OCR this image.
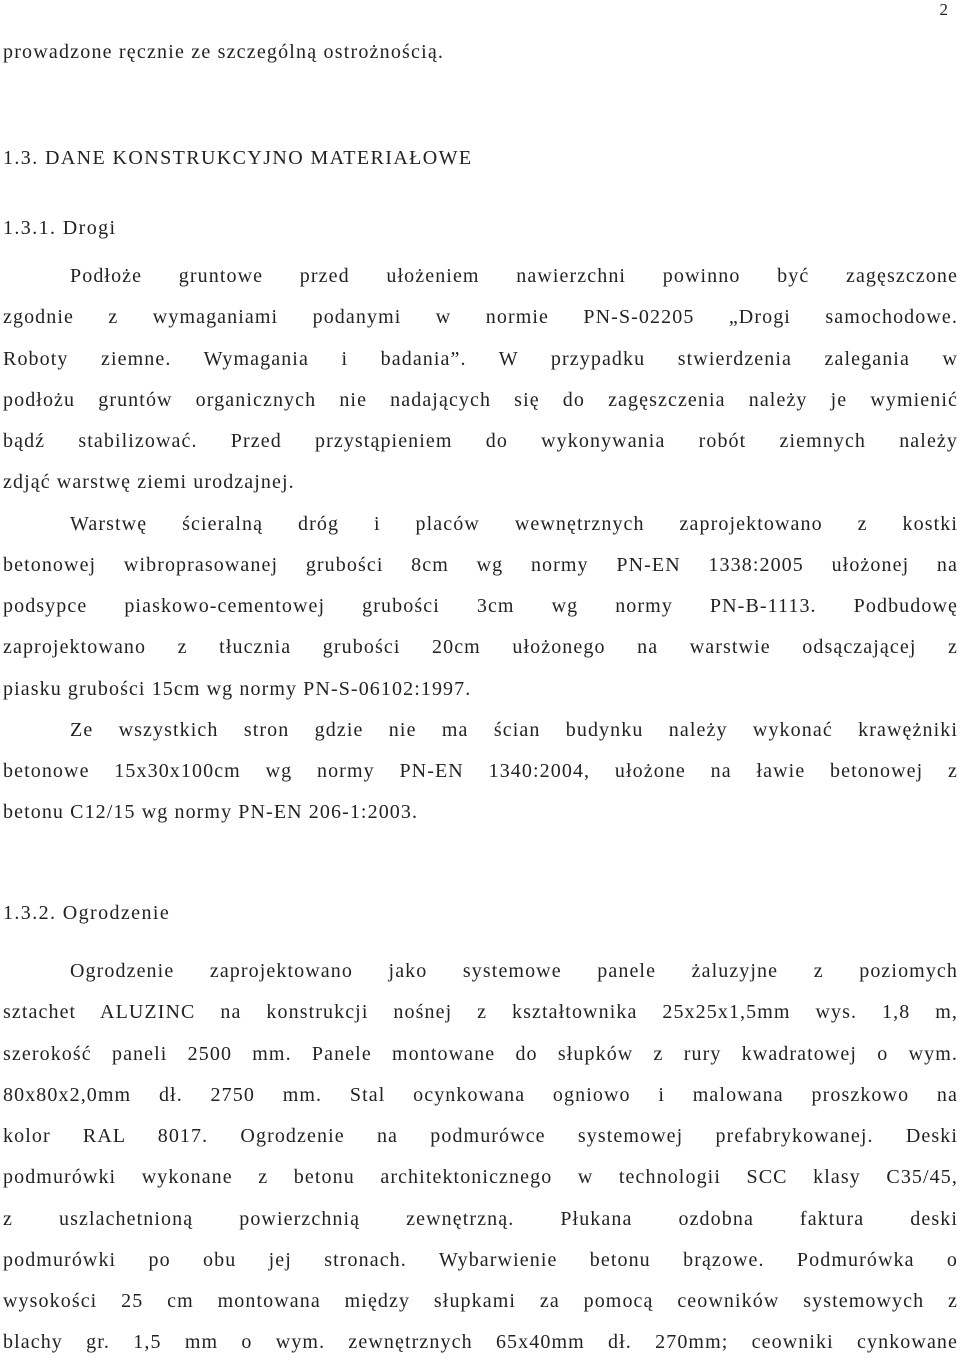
2
prowadzone ręcznie ze szczególną ostrożnością.
1.3. DANE KONSTRUKCYJNO MATERIAŁOWE
1.3.1. Drogi
Podłoże gruntowe przed ułożeniem nawierzchni powinno być zagęszczone
zgodnie z wymaganiami podanymi w normie PN-S-02205 „Drogi samochodowe.
Roboty ziemne. Wymagania i badania”. W przypadku stwierdzenia zalegania w
podłożu gruntów organicznych nie nadających się do zagęszczenia należy je wymienić
bądź stabilizować. Przed przystąpieniem do wykonywania robót ziemnych należy
zdjąć warstwę ziemi urodzajnej.
Warstwę ścieralną dróg i placów wewnętrznych zaprojektowano z kostki
betonowej wibroprasowanej grubości 8cm wg normy PN-EN 1338:2005 ułożonej na
podsypce piaskowo-cementowej grubości 3cm wg normy PN-B-1113. Podbudowę
zaprojektowano z tłucznia grubości 20cm ułożonego na warstwie odsączającej z
piasku grubości 15cm wg normy PN-S-06102:1997.
Ze wszystkich stron gdzie nie ma ścian budynku należy wykonać krawężniki
betonowe 15x30x100cm wg normy PN-EN 1340:2004, ułożone na ławie betonowej z
betonu C12/15 wg normy PN-EN 206-1:2003.
1.3.2. Ogrodzenie
Ogrodzenie zaprojektowano jako systemowe panele żaluzyjne z poziomych
sztachet ALUZINC na konstrukcji nośnej z kształtownika 25x25x1,5mm wys. 1,8 m,
szerokość paneli 2500 mm. Panele montowane do słupków z rury kwadratowej o wym.
80x80x2,0mm dł. 2750 mm. Stal ocynkowana ogniowo i malowana proszkowo na
kolor RAL 8017. Ogrodzenie na podmurówce systemowej prefabrykowanej. Deski
podmurówki wykonane z betonu architektonicznego w technologii SCC klasy C35/45,
z uszlachetnioną powierzchnią zewnętrzną. Płukana ozdobna faktura deski
podmurówki po obu jej stronach. Wybarwienie betonu brązowe. Podmurówka o
wysokości 25 cm montowana między słupkami za pomocą ceowników systemowych z
blachy gr. 1,5 mm o wym. zewnętrznych 65x40mm dł. 270mm; ceowniki cynkowane
